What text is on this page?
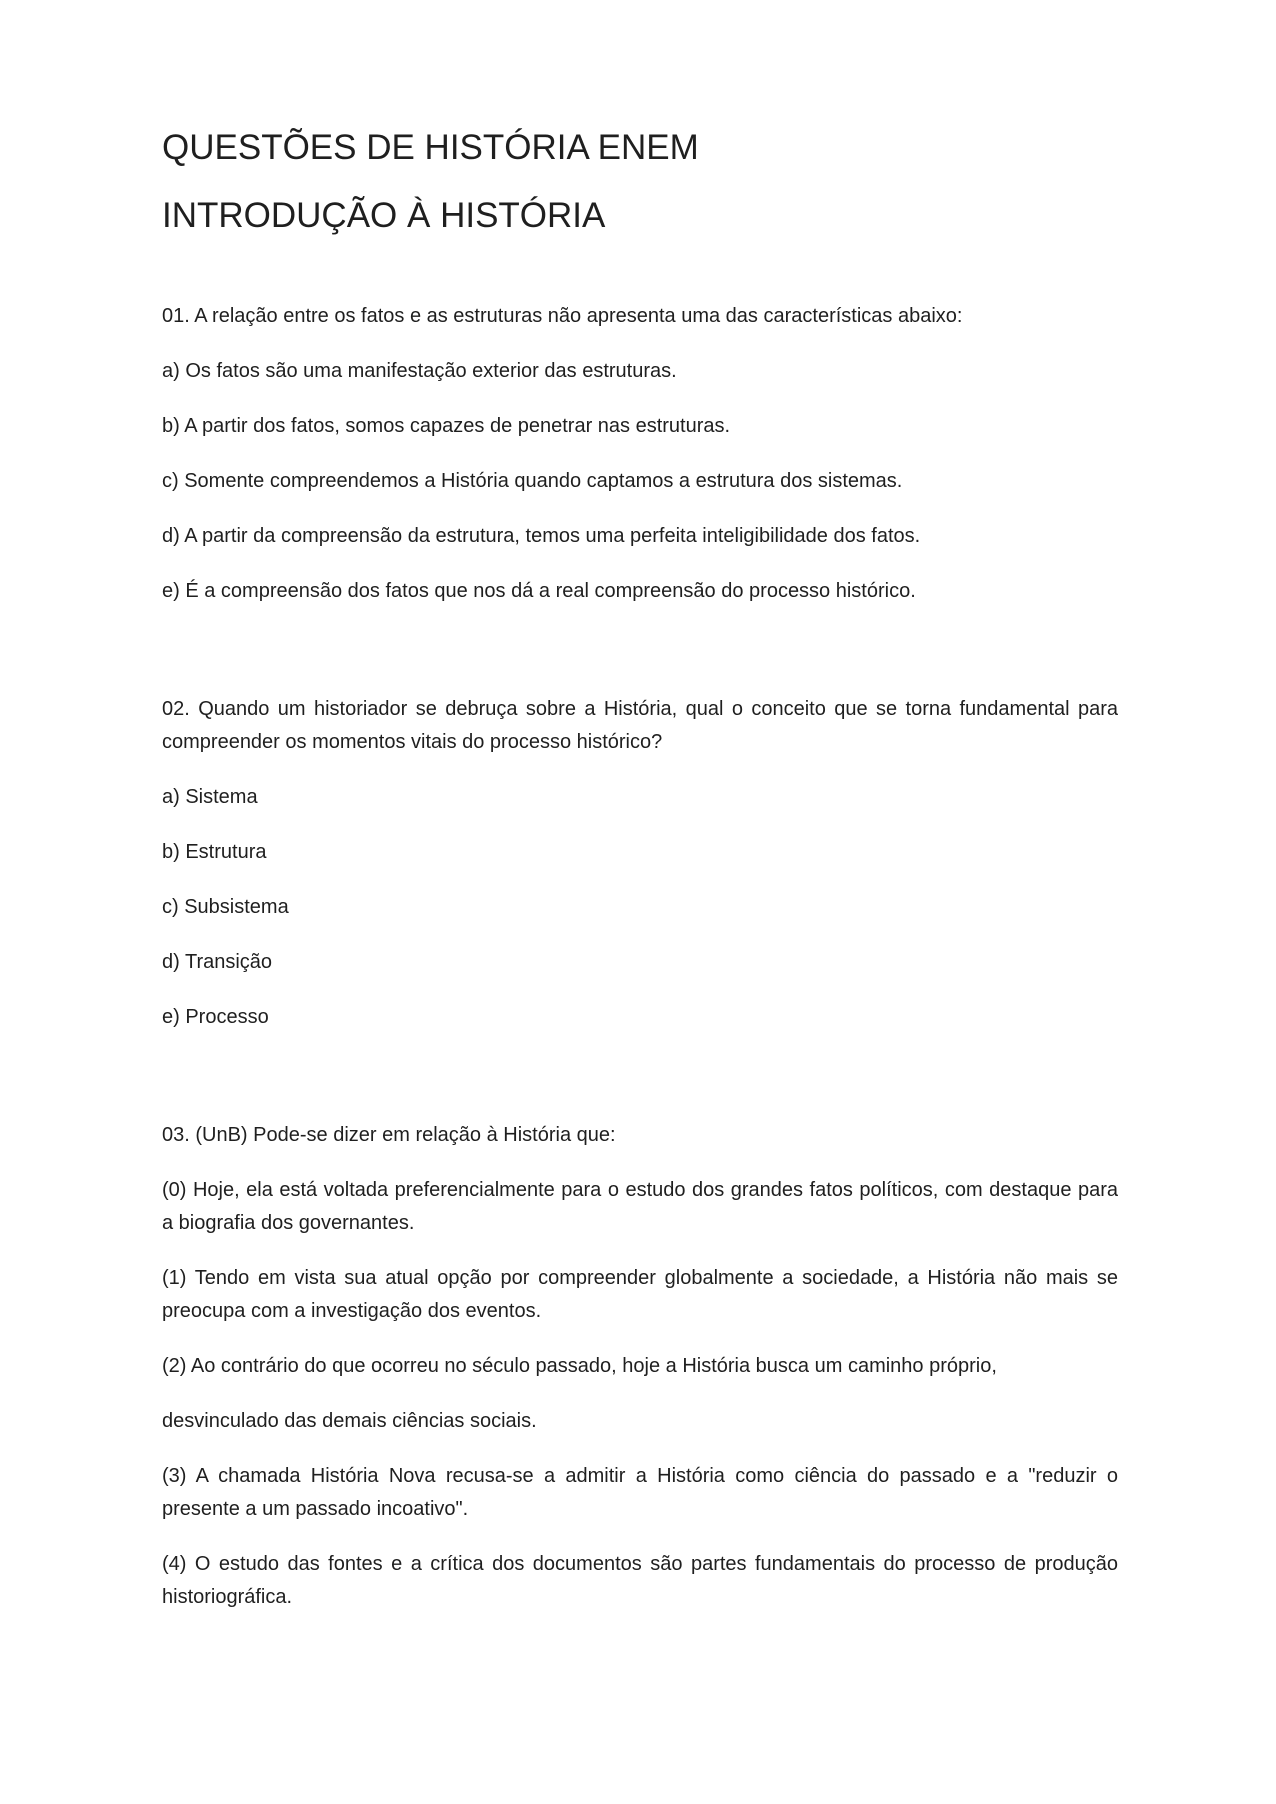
QUESTÕES DE HISTÓRIA ENEM
INTRODUÇÃO À HISTÓRIA

01. A relação entre os fatos e as estruturas não apresenta uma das características abaixo:

a) Os fatos são uma manifestação exterior das estruturas.

b) A partir dos fatos, somos capazes de penetrar nas estruturas.

c) Somente compreendemos a História quando captamos a estrutura dos sistemas.

d) A partir da compreensão da estrutura, temos uma perfeita inteligibilidade dos fatos.

e) É a compreensão dos fatos que nos dá a real compreensão do processo histórico.

02. Quando um historiador se debruça sobre a História, qual o conceito que se torna fundamental para compreender os momentos vitais do processo histórico?

a) Sistema

b) Estrutura

c) Subsistema

d) Transição

e) Processo

03. (UnB) Pode-se dizer em relação à História que:

(0) Hoje, ela está voltada preferencialmente para o estudo dos grandes fatos políticos, com destaque para a biografia dos governantes.

(1) Tendo em vista sua atual opção por compreender globalmente a sociedade, a História não mais se preocupa com a investigação dos eventos.

(2) Ao contrário do que ocorreu no século passado, hoje a História busca um caminho próprio,

desvinculado das demais ciências sociais.

(3) A chamada História Nova recusa-se a admitir a História como ciência do passado e a "reduzir o presente a um passado incoativo".

(4) O estudo das fontes e a crítica dos documentos são partes fundamentais do processo de produção historiográfica.
